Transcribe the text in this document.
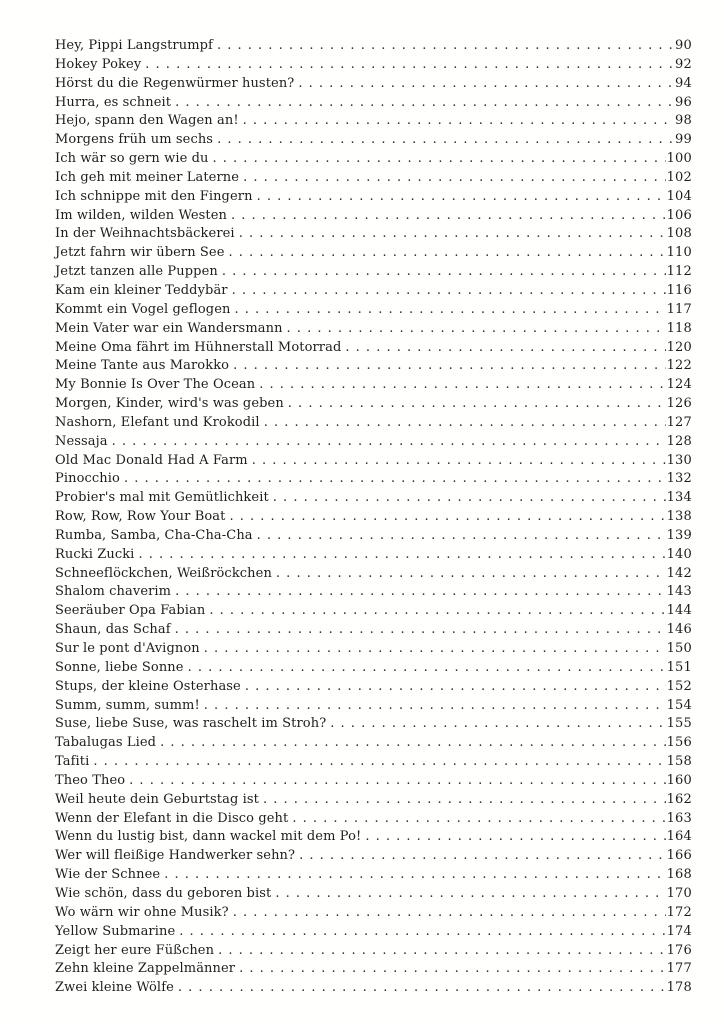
Hey, Pippi Langstrumpf . . .	90
Hokey Pokey . . .	92
Hörst du die Regenwürmer husten? . . .	94
Hurra, es schneit . . .	96
Hejo, spann den Wagen an! . . .	98
Morgens früh um sechs . . .	99
Ich wär so gern wie du . . .	100
Ich geh mit meiner Laterne . . .	102
Ich schnippe mit den Fingern . . .	104
Im wilden, wilden Westen . . .	106
In der Weihnachtsbäckerei . . .	108
Jetzt fahrn wir übern See . . .	110
Jetzt tanzen alle Puppen . . .	112
Kam ein kleiner Teddybär . . .	116
Kommt ein Vogel geflogen . . .	117
Mein Vater war ein Wandersmann . . .	118
Meine Oma fährt im Hühnerstall Motorrad . . .	120
Meine Tante aus Marokko . . .	122
My Bonnie Is Over The Ocean . . .	124
Morgen, Kinder, wird's was geben . . .	126
Nashorn, Elefant und Krokodil . . .	127
Nessaja . . .	128
Old Mac Donald Had A Farm . . .	130
Pinocchio . . .	132
Probier's mal mit Gemütlichkeit . . .	134
Row, Row, Row Your Boat . . .	138
Rumba, Samba, Cha-Cha-Cha . . .	139
Rucki Zucki . . .	140
Schneeflöckchen, Weißröckchen . . .	142
Shalom chaverim . . .	143
Seeräuber Opa Fabian . . .	144
Shaun, das Schaf . . .	146
Sur le pont d'Avignon . . .	150
Sonne, liebe Sonne . . .	151
Stups, der kleine Osterhase . . .	152
Summ, summ, summ! . . .	154
Suse, liebe Suse, was raschelt im Stroh? . . .	155
Tabalugas Lied . . .	156
Tafiti . . .	158
Theo Theo . . .	160
Weil heute dein Geburtstag ist . . .	162
Wenn der Elefant in die Disco geht . . .	163
Wenn du lustig bist, dann wackel mit dem Po! . . .	164
Wer will fleißige Handwerker sehn? . . .	166
Wie der Schnee . . .	168
Wie schön, dass du geboren bist . . .	170
Wo wärn wir ohne Musik? . . .	172
Yellow Submarine . . .	174
Zeigt her eure Füßchen . . .	176
Zehn kleine Zappelmänner . . .	177
Zwei kleine Wölfe . . .	178
